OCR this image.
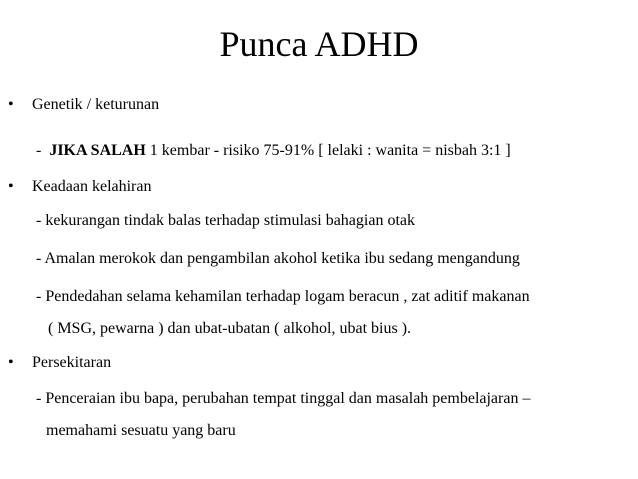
Punca ADHD
• Genetik / keturunan
- JIKA SALAH 1 kembar - risiko 75-91% [ lelaki : wanita = nisbah 3:1 ]
• Keadaan kelahiran
- kekurangan tindak balas terhadap stimulasi bahagian otak
- Amalan merokok dan pengambilan akohol ketika ibu sedang mengandung
- Pendedahan selama kehamilan terhadap logam beracun , zat aditif makanan
( MSG, pewarna ) dan ubat-ubatan ( alkohol, ubat bius ).
• Persekitaran
- Penceraian ibu bapa, perubahan tempat tinggal dan masalah pembelajaran –
memahami sesuatu yang baru
